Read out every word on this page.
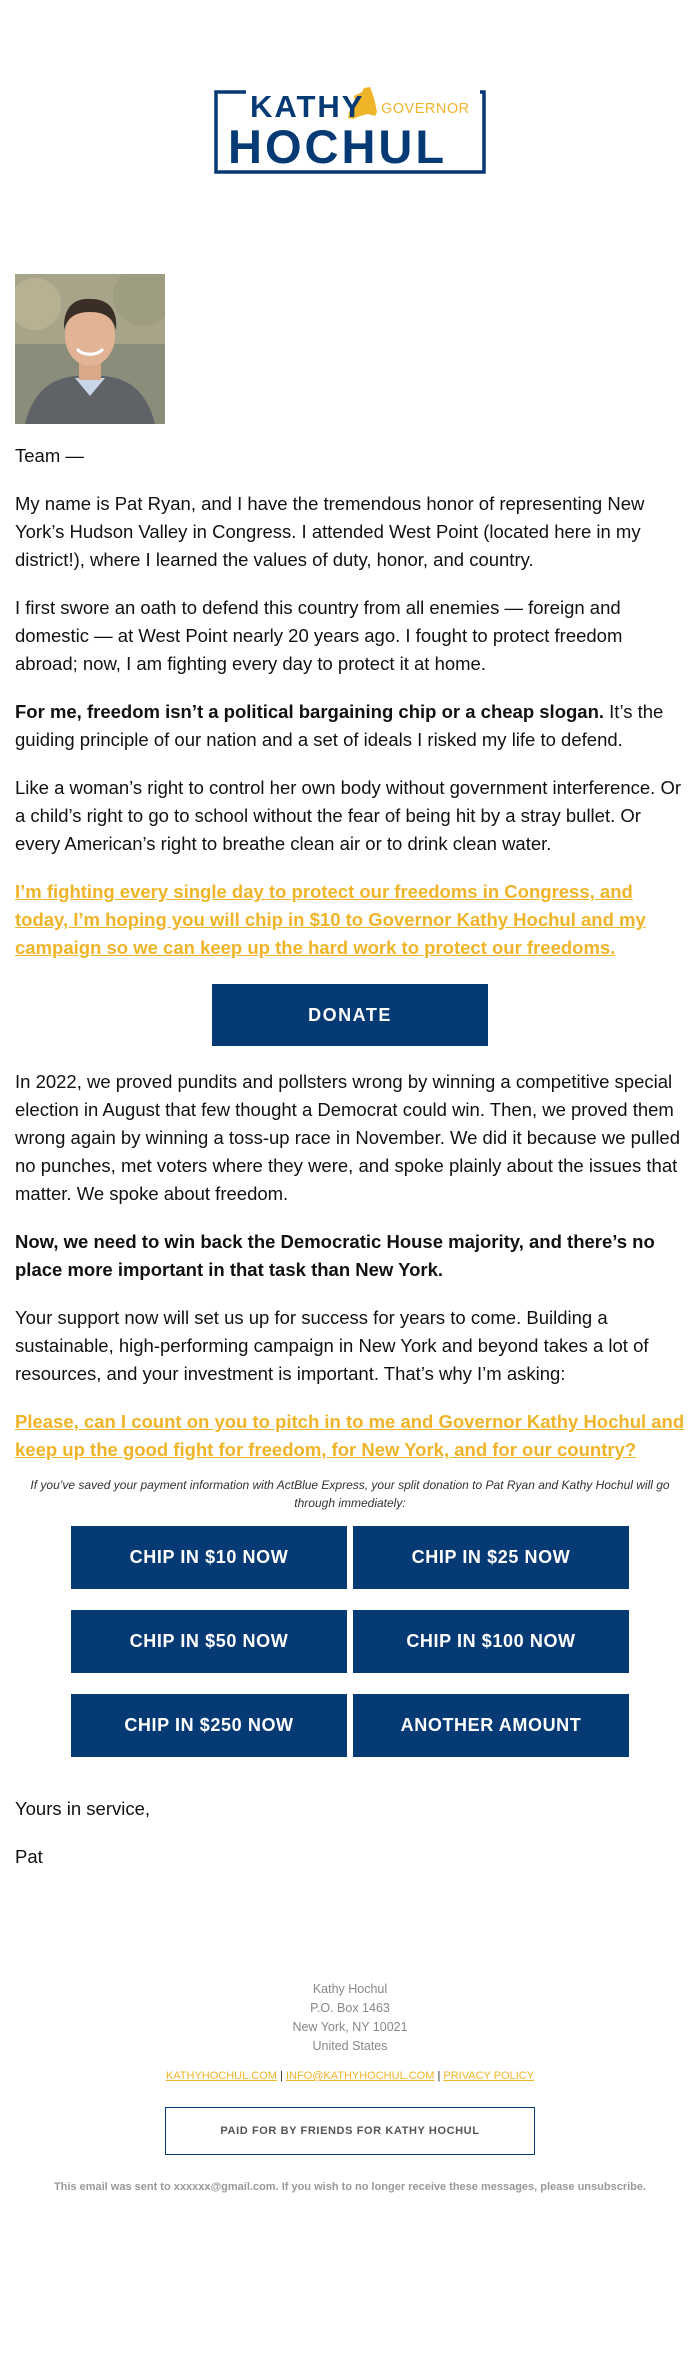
KATHY GOVERNOR
HOCHUL

Team —

My name is Pat Ryan, and I have the tremendous honor of representing New York’s Hudson Valley in Congress. I attended West Point (located here in my district!), where I learned the values of duty, honor, and country.

I first swore an oath to defend this country from all enemies — foreign and domestic — at West Point nearly 20 years ago. I fought to protect freedom abroad; now, I am fighting every day to protect it at home.

For me, freedom isn’t a political bargaining chip or a cheap slogan. It’s the guiding principle of our nation and a set of ideals I risked my life to defend.

Like a woman’s right to control her own body without government interference. Or a child’s right to go to school without the fear of being hit by a stray bullet. Or every American’s right to breathe clean air or to drink clean water.

I’m fighting every single day to protect our freedoms in Congress, and today, I’m hoping you will chip in $10 to Governor Kathy Hochul and my campaign so we can keep up the hard work to protect our freedoms.
DONATE

In 2022, we proved pundits and pollsters wrong by winning a competitive special election in August that few thought a Democrat could win. Then, we proved them wrong again by winning a toss-up race in November. We did it because we pulled no punches, met voters where they were, and spoke plainly about the issues that matter. We spoke about freedom.

Now, we need to win back the Democratic House majority, and there’s no place more important in that task than New York.

Your support now will set us up for success for years to come. Building a sustainable, high-performing campaign in New York and beyond takes a lot of resources, and your investment is important. That’s why I’m asking:

Please, can I count on you to pitch in to me and Governor Kathy Hochul and keep up the good fight for freedom, for New York, and for our country?

If you’ve saved your payment information with ActBlue Express, your split donation to Pat Ryan and Kathy Hochul will go through immediately:

CHIP IN $10 NOW	CHIP IN $25 NOW
CHIP IN $50 NOW	CHIP IN $100 NOW
CHIP IN $250 NOW	ANOTHER AMOUNT

Yours in service,

Pat

Kathy Hochul
P.O. Box 1463
New York, NY 10021
United States
KATHYHOCHUL.COM | INFO@KATHYHOCHUL.COM | PRIVACY POLICY
PAID FOR BY FRIENDS FOR KATHY HOCHUL
This email was sent to xxxxxx@gmail.com. If you wish to no longer receive these messages, please unsubscribe.
